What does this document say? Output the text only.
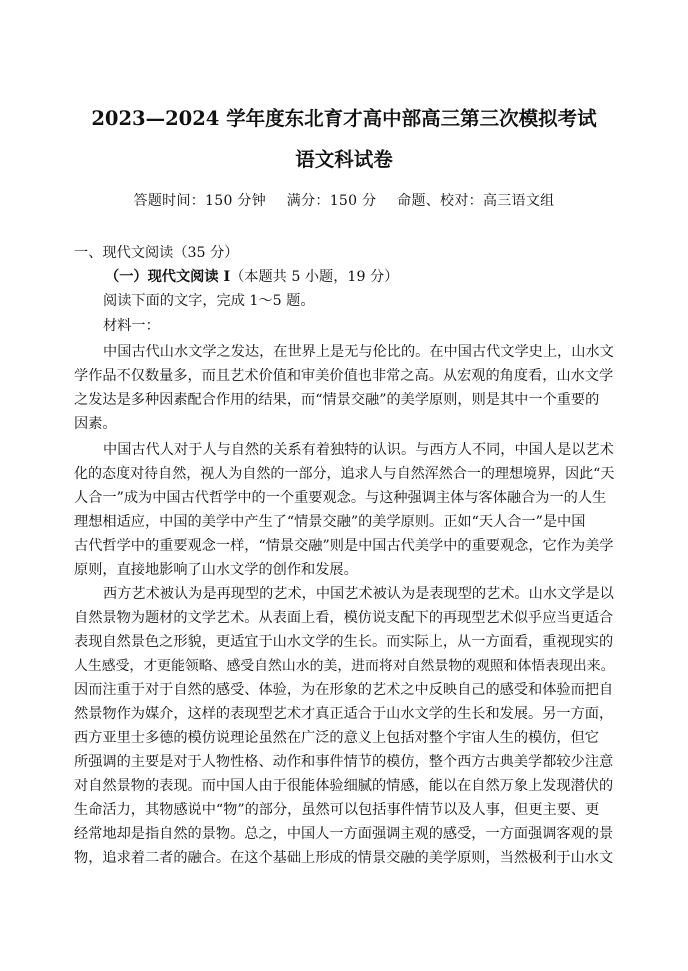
2023—2024 学年度东北育才高中部高三第三次模拟考试
语文科试卷
答题时间：150 分钟 满分：150 分 命题、校对：高三语文组
一、现代文阅读（35 分）
（一）现代文阅读 I（本题共 5 小题，19 分）
阅读下面的文字，完成 1～5 题。
材料一：
中国古代山水文学之发达，在世界上是无与伦比的。在中国古代文学史上，山水文
学作品不仅数量多，而且艺术价值和审美价值也非常之高。从宏观的角度看，山水文学
之发达是多种因素配合作用的结果，而“情景交融”的美学原则，则是其中一个重要的
因素。
中国古代人对于人与自然的关系有着独特的认识。与西方人不同，中国人是以艺术
化的态度对待自然，视人为自然的一部分，追求人与自然浑然合一的理想境界，因此“天
人合一”成为中国古代哲学中的一个重要观念。与这种强调主体与客体融合为一的人生
理想相适应，中国的美学中产生了“情景交融”的美学原则。正如“天人合一”是中国
古代哲学中的重要观念一样，“情景交融”则是中国古代美学中的重要观念，它作为美学
原则，直接地影响了山水文学的创作和发展。
西方艺术被认为是再现型的艺术，中国艺术被认为是表现型的艺术。山水文学是以
自然景物为题材的文学艺术。从表面上看，模仿说支配下的再现型艺术似乎应当更适合
表现自然景色之形貌，更适宜于山水文学的生长。而实际上，从一方面看，重视现实的
人生感受，才更能领略、感受自然山水的美，进而将对自然景物的观照和体悟表现出来。
因而注重于对于自然的感受、体验，为在形象的艺术之中反映自己的感受和体验而把自
然景物作为媒介，这样的表现型艺术才真正适合于山水文学的生长和发展。另一方面，
西方亚里士多德的模仿说理论虽然在广泛的意义上包括对整个宇宙人生的模仿，但它
所强调的主要是对于人物性格、动作和事件情节的模仿，整个西方古典美学都较少注意
对自然景物的表现。而中国人由于很能体验细腻的情感，能以在自然万象上发现潜伏的
生命活力，其物感说中“物”的部分，虽然可以包括事件情节以及人事，但更主要、更
经常地却是指自然的景物。总之，中国人一方面强调主观的感受，一方面强调客观的景
物，追求着二者的融合。在这个基础上形成的情景交融的美学原则，当然极利于山水文
